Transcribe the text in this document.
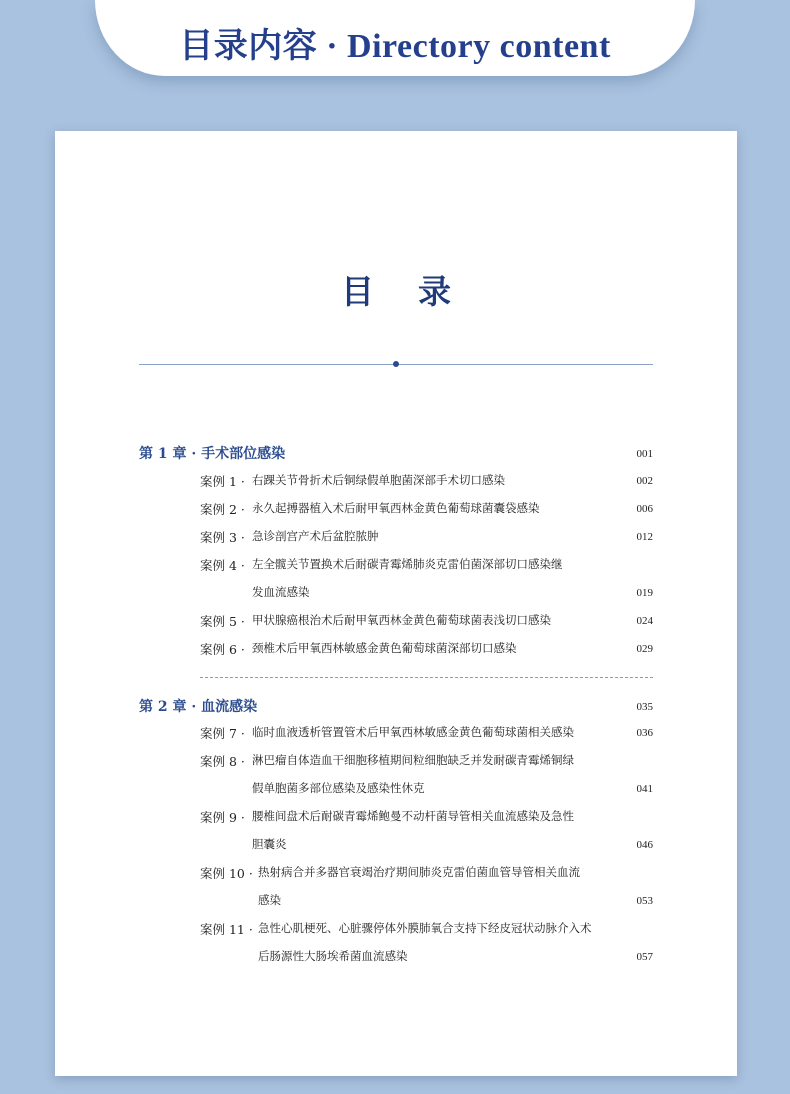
目录内容 · Directory content
目录
第 1 章 · 手术部位感染	001
案例 1 · 右踝关节骨折术后铜绿假单胞菌深部手术切口感染	002
案例 2 · 永久起搏器植入术后耐甲氧西林金黄色葡萄球菌囊袋感染	006
案例 3 · 急诊剖宫产术后盆腔脓肿	012
案例 4 · 左全髋关节置换术后耐碳青霉烯肺炎克雷伯菌深部切口感染继
发血流感染	019
案例 5 · 甲状腺癌根治术后耐甲氧西林金黄色葡萄球菌表浅切口感染	024
案例 6 · 颈椎术后甲氧西林敏感金黄色葡萄球菌深部切口感染	029
第 2 章 · 血流感染	035
案例 7 · 临时血液透析管置管术后甲氧西林敏感金黄色葡萄球菌相关感染	036
案例 8 · 淋巴瘤自体造血干细胞移植期间粒细胞缺乏并发耐碳青霉烯铜绿
假单胞菌多部位感染及感染性休克	041
案例 9 · 腰椎间盘术后耐碳青霉烯鲍曼不动杆菌导管相关血流感染及急性
胆囊炎	046
案例 10 · 热射病合并多器官衰竭治疗期间肺炎克雷伯菌血管导管相关血流
感染	053
案例 11 · 急性心肌梗死、心脏骤停体外膜肺氧合支持下经皮冠状动脉介入术
后肠源性大肠埃希菌血流感染	057
